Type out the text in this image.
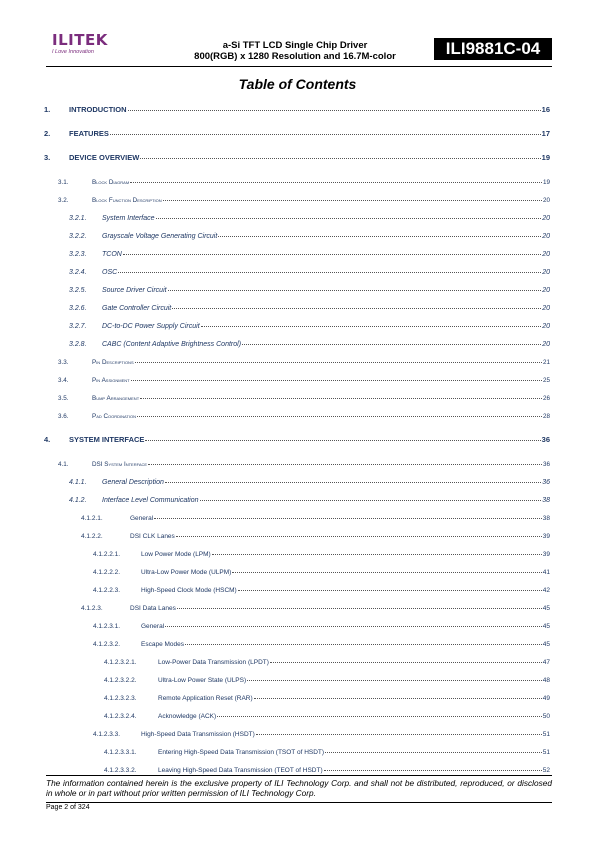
ILITEK
I Love Innovation
a-Si TFT LCD Single Chip Driver
800(RGB) x 1280 Resolution and 16.7M-color	ILI9881C-04
Table of Contents
1.	INTRODUCTION	16
2.	FEATURES	17
3.	DEVICE OVERVIEW	19
3.1.	Block Diagram	19
3.2.	Block Function Description	20
3.2.1.	System Interface	20
3.2.2.	Grayscale Voltage Generating Circuit	20
3.2.3.	TCON	20
3.2.4.	OSC	20
3.2.5.	Source Driver Circuit	20
3.2.6.	Gate Controller Circuit	20
3.2.7.	DC-to-DC Power Supply Circuit	20
3.2.8.	CABC (Content Adaptive Brightness Control)	20
3.3.	Pin Descriptions	21
3.4.	Pin Assignment	25
3.5.	Bump Arrangement	26
3.6.	Pad Coordination	28
4.	SYSTEM INTERFACE	36
4.1.	DSI System Interface	36
4.1.1.	General Description	36
4.1.2.	Interface Level Communication	38
4.1.2.1.	General	38
4.1.2.2.	DSI CLK Lanes	39
4.1.2.2.1.	Low Power Mode (LPM)	39
4.1.2.2.2.	Ultra-Low Power Mode (ULPM)	41
4.1.2.2.3.	High-Speed Clock Mode (HSCM)	42
4.1.2.3.	DSI Data Lanes	45
4.1.2.3.1.	General	45
4.1.2.3.2.	Escape Modes	45
4.1.2.3.2.1.	Low-Power Data Transmission (LPDT)	47
4.1.2.3.2.2.	Ultra-Low Power State (ULPS)	48
4.1.2.3.2.3.	Remote Application Reset (RAR)	49
4.1.2.3.2.4.	Acknowledge (ACK)	50
4.1.2.3.3.	High-Speed Data Transmission (HSDT)	51
4.1.2.3.3.1.	Entering High-Speed Data Transmission (TSOT of HSDT)	51
4.1.2.3.3.2.	Leaving High-Speed Data Transmission (TEOT of HSDT)	52
The information contained herein is the exclusive property of ILI Technology Corp. and shall not be distributed, reproduced, or disclosed in whole or in part without prior written permission of ILI Technology Corp.
Page 2 of 324
